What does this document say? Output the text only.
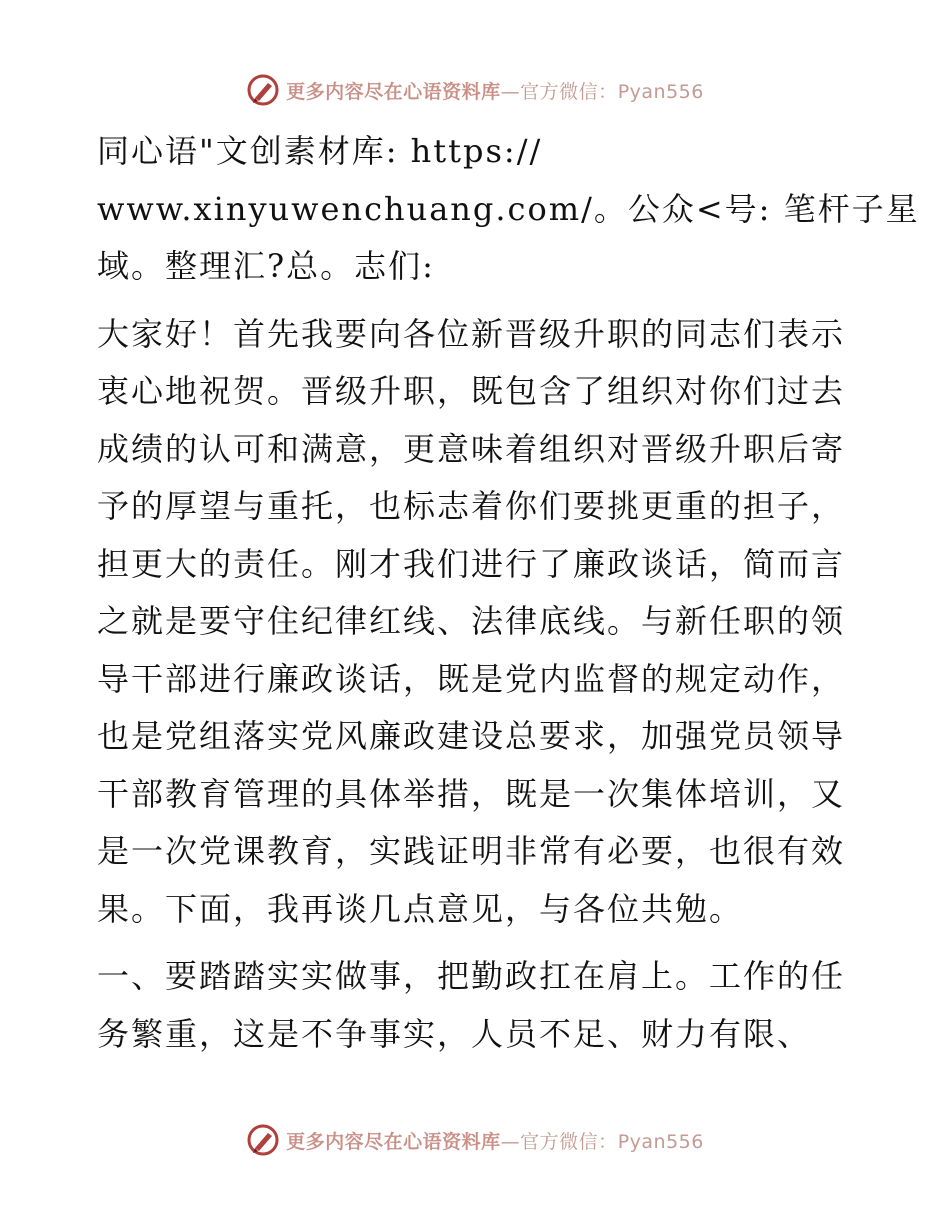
更多内容尽在心语资料库—官方微信：Pyan556
同心语"文创素材库: https://
www.xinyuwenchuang.com/。公众<号: 笔杆子星
域。整理汇?总。志们:

大家好！首先我要向各位新晋级升职的同志们表示衷心地祝贺。晋级升职，既包含了组织对你们过去成绩的认可和满意，更意味着组织对晋级升职后寄予的厚望与重托，也标志着你们要挑更重的担子，担更大的责任。刚才我们进行了廉政谈话，简而言之就是要守住纪律红线、法律底线。与新任职的领导干部进行廉政谈话，既是党内监督的规定动作，也是党组落实党风廉政建设总要求，加强党员领导干部教育管理的具体举措，既是一次集体培训，又是一次党课教育，实践证明非常有必要，也很有效果。下面，我再谈几点意见，与各位共勉。

一、要踏踏实实做事，把勤政扛在肩上。工作的任务繁重，这是不争事实，人员不足、财力有限、

更多内容尽在心语资料库—官方微信：Pyan556
